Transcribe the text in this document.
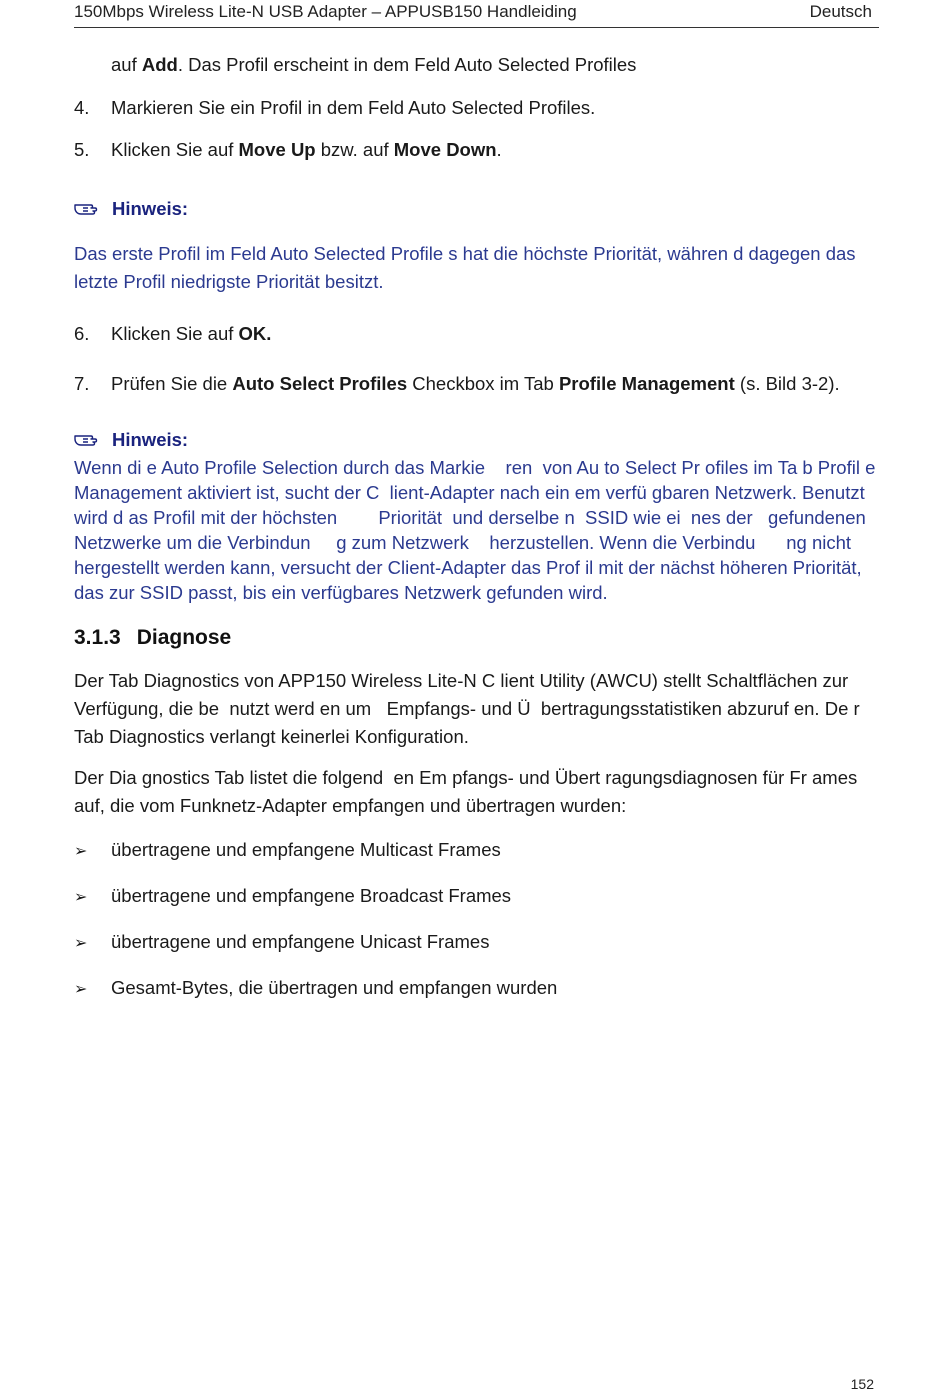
150Mbps Wireless Lite-N USB Adapter – APPUSB150 Handleiding	Deutsch

auf Add. Das Profil erscheint in dem Feld Auto Selected Profiles

4. Markieren Sie ein Profil in dem Feld Auto Selected Profiles.

5. Klicken Sie auf Move Up bzw. auf Move Down.

Hinweis:

Das erste Profil im Feld Auto Selected Profile s hat die höchste Priorität, währen d dagegen das

letzte Profil niedrigste Priorität besitzt.

6. Klicken Sie auf OK.

7. Prüfen Sie die Auto Select Profiles Checkbox im Tab Profile Management (s. Bild 3-2).

Hinweis:

Wenn di e Auto Profile Selection durch das Markie    ren  von Au to Select Pr ofiles im Ta b Profil e

Management aktiviert ist, sucht der C  lient-Adapter nach ein em verfü gbaren Netzwerk. Benutzt

wird d as Profil mit der höchsten        Priorität  und derselbe n  SSID wie ei  nes der   gefundenen

Netzwerke um die Verbindun     g zum Netzwerk    herzustellen. Wenn die Verbindu      ng nicht

hergestellt werden kann, versucht der Client-Adapter das Prof il mit der nächst höheren Priorität,

das zur SSID passt, bis ein verfügbares Netzwerk gefunden wird.

3.1.3 Diagnose

Der Tab Diagnostics von APP150 Wireless Lite-N C lient Utility (AWCU) stellt Schaltflächen zur

Verfügung, die be  nutzt werd en um   Empfangs- und Ü  bertragungsstatistiken abzuruf en. De r

Tab Diagnostics verlangt keinerlei Konfiguration.

Der Dia gnostics Tab listet die folgend  en Em pfangs- und Übert ragungsdiagnosen für Fr ames

auf, die vom Funknetz-Adapter empfangen und übertragen wurden:

➢ übertragene und empfangene Multicast Frames

➢ übertragene und empfangene Broadcast Frames

➢ übertragene und empfangene Unicast Frames

➢ Gesamt-Bytes, die übertragen und empfangen wurden

152
